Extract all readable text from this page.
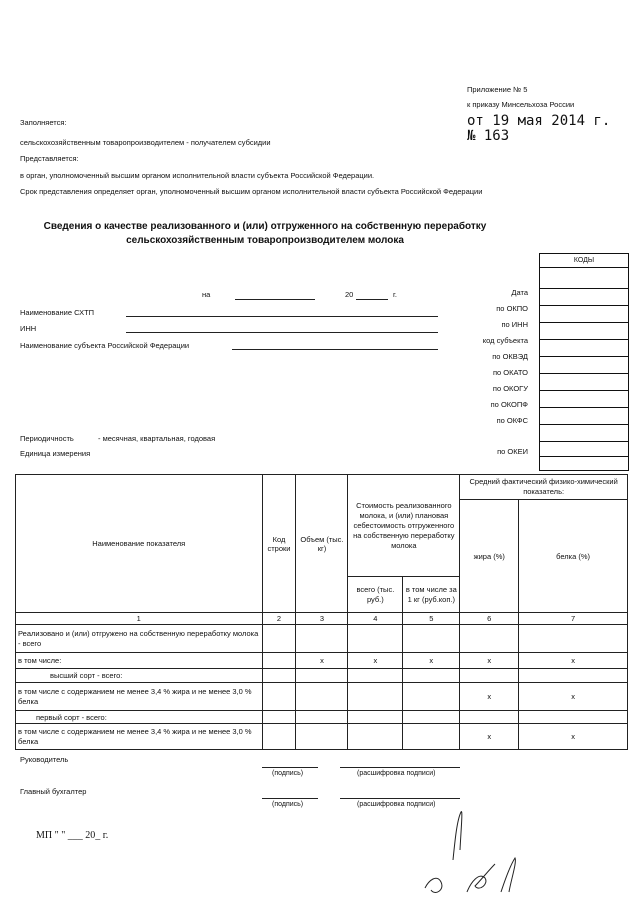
Приложение № 5
к приказу Минсельхоза России
от 19 мая 2014 г.
№ 163
Заполняется:
сельскохозяйственным товаропроизводителем - получателем субсидии
Представляется:
в орган, уполномоченный высшим органом исполнительной власти субъекта Российской Федерации.
Срок представления определяет орган, уполномоченный высшим органом исполнительной власти субъекта Российской Федерации
Сведения о качестве реализованного и (или) отгруженного на собственную переработку
сельскохозяйственным товаропроизводителем молока
на	20	г.
Наименование СХТП
ИНН
Наименование субъекта Российской Федерации
Периодичность	- месячная, квартальная, годовая
Единица измерения
Дата
по ОКПО
по ИНН
код субъекта
по ОКВЭД
по ОКАТО
по ОКОГУ
по ОКОПФ
по ОКФС
по ОКЕИ
КОДЫ
Наименование показателя	Код строки	Объем (тыс. кг)	Стоимость реализованного молока, и (или) плановая себестоимость отгруженного на собственную переработку молока		Средний фактический физико-химический показатель:	
					жира (%)	белка (%)
			всего (тыс. руб.)	в том числе за 1 кг (руб.коп.)		
1	2	3	4	5	6	7
Реализовано и (или) отгружено на собственную переработку молока - всего						
в том числе:		x	x	x	x	x
высший сорт - всего:						
в том числе с содержанием не менее 3,4 % жира и не менее 3,0 % белка					x	x
первый сорт - всего:						
в том числе с содержанием не менее 3,4 % жира и не менее 3,0 % белка					x	x
Руководитель
(подпись)	(расшифровка подписи)
Главный бухгалтер
(подпись)	(расшифровка подписи)
МП " " ___ 20_ г.
